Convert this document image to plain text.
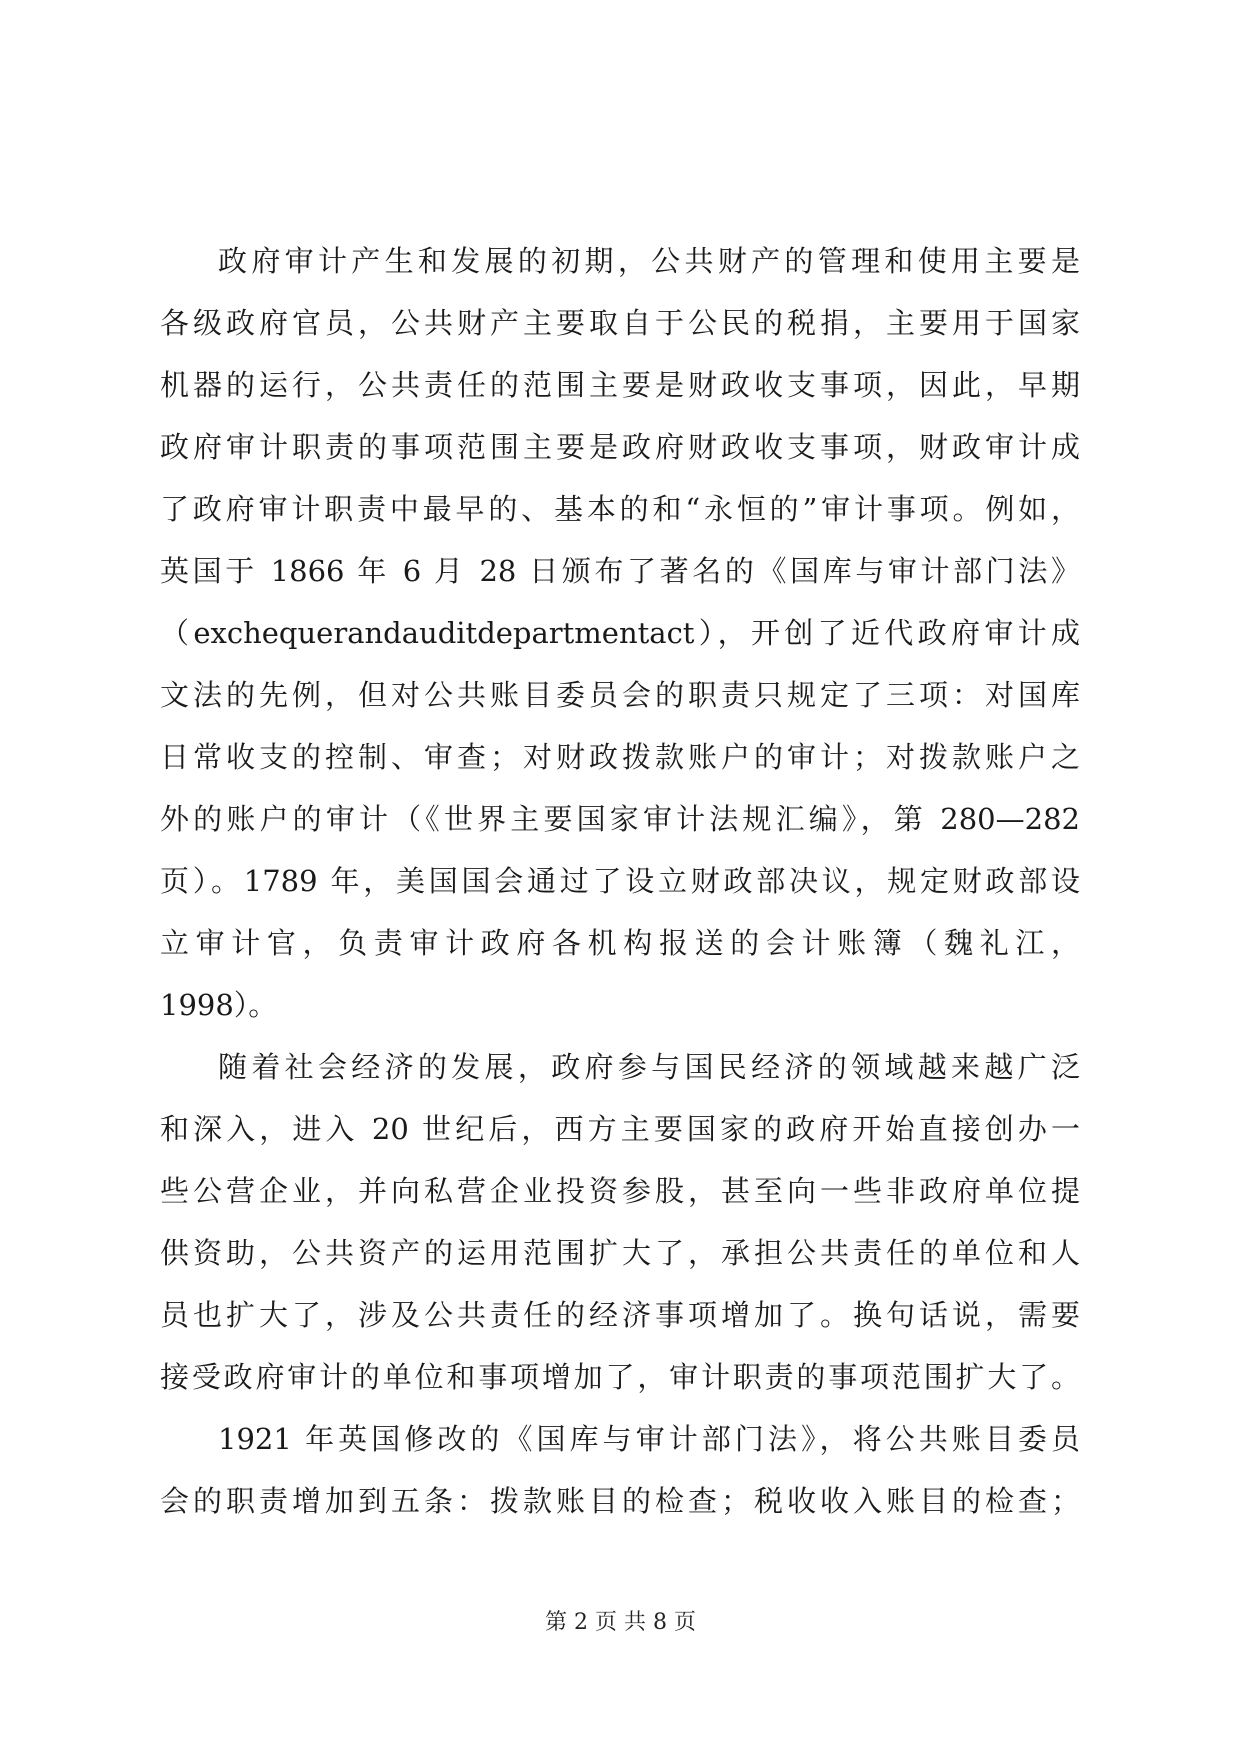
政府审计产生和发展的初期，公共财产的管理和使用主要是
各级政府官员，公共财产主要取自于公民的税捐，主要用于国家
机器的运行，公共责任的范围主要是财政收支事项，因此，早期
政府审计职责的事项范围主要是政府财政收支事项，财政审计成
了政府审计职责中最早的、基本的和“永恒的”审计事项。例如，
英国于 1866 年 6 月 28 日颁布了著名的《国库与审计部门法》
（exchequerandauditdepartmentact），开创了近代政府审计成
文法的先例，但对公共账目委员会的职责只规定了三项：对国库
日常收支的控制、审查；对财政拨款账户的审计；对拨款账户之
外的账户的审计（《世界主要国家审计法规汇编》，第 280—282
页）。1789 年，美国国会通过了设立财政部决议，规定财政部设
立审计官，负责审计政府各机构报送的会计账簿（魏礼江，
1998）。
随着社会经济的发展，政府参与国民经济的领域越来越广泛
和深入，进入 20 世纪后，西方主要国家的政府开始直接创办一
些公营企业，并向私营企业投资参股，甚至向一些非政府单位提
供资助，公共资产的运用范围扩大了，承担公共责任的单位和人
员也扩大了，涉及公共责任的经济事项增加了。换句话说，需要
接受政府审计的单位和事项增加了，审计职责的事项范围扩大了。
1921 年英国修改的《国库与审计部门法》，将公共账目委员
会的职责增加到五条：拨款账目的检查；税收收入账目的检查；
第 2 页 共 8 页
